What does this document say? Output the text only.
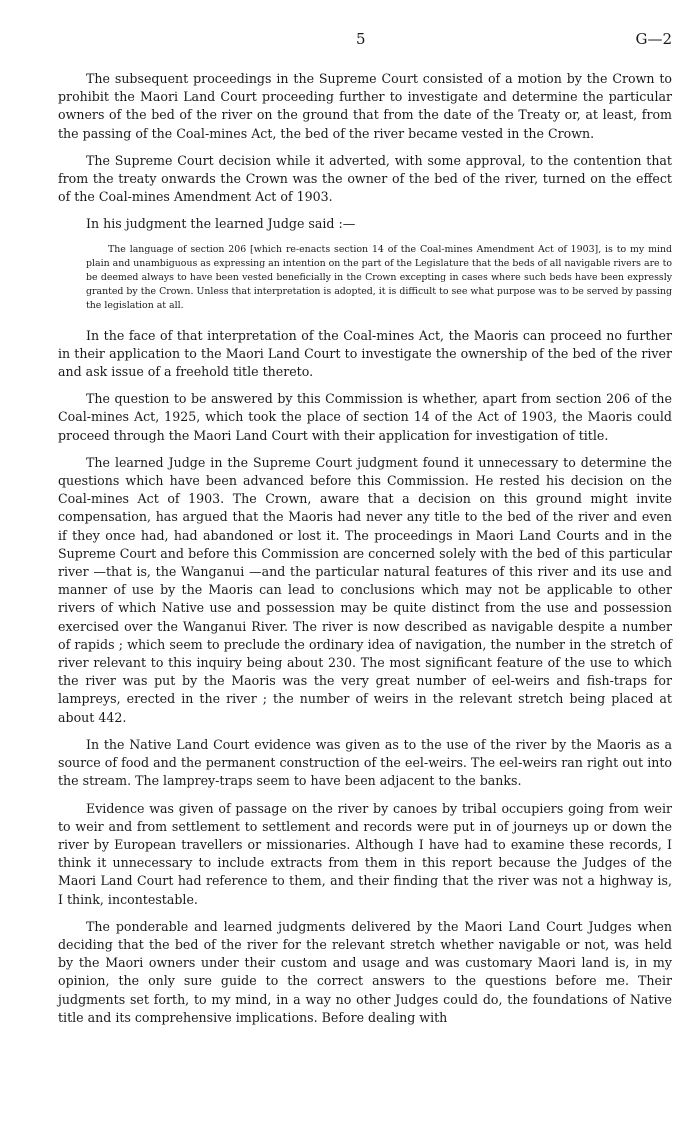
5	G—2

The subsequent proceedings in the Supreme Court consisted of a motion by the Crown to prohibit the Maori Land Court proceeding further to investigate and determine the particular owners of the bed of the river on the ground that from the date of the Treaty or, at least, from the passing of the Coal-mines Act, the bed of the river became vested in the Crown.

The Supreme Court decision while it adverted, with some approval, to the contention that from the treaty onwards the Crown was the owner of the bed of the river, turned on the effect of the Coal-mines Amendment Act of 1903.

In his judgment the learned Judge said :—

The language of section 206 [which re-enacts section 14 of the Coal-mines Amendment Act of 1903], is to my mind plain and unambiguous as expressing an intention on the part of the Legislature that the beds of all navigable rivers are to be deemed always to have been vested beneficially in the Crown excepting in cases where such beds have been expressly granted by the Crown. Unless that interpretation is adopted, it is difficult to see what purpose was to be served by passing the legislation at all.

In the face of that interpretation of the Coal-mines Act, the Maoris can proceed no further in their application to the Maori Land Court to investigate the ownership of the bed of the river and ask issue of a freehold title thereto.

The question to be answered by this Commission is whether, apart from section 206 of the Coal-mines Act, 1925, which took the place of section 14 of the Act of 1903, the Maoris could proceed through the Maori Land Court with their application for investigation of title.

The learned Judge in the Supreme Court judgment found it unnecessary to determine the questions which have been advanced before this Commission. He rested his decision on the Coal-mines Act of 1903. The Crown, aware that a decision on this ground might invite compensation, has argued that the Maoris had never any title to the bed of the river and even if they once had, had abandoned or lost it. The proceedings in Maori Land Courts and in the Supreme Court and before this Commission are concerned solely with the bed of this particular river —that is, the Wanganui —and the particular natural features of this river and its use and manner of use by the Maoris can lead to conclusions which may not be applicable to other rivers of which Native use and possession may be quite distinct from the use and possession exercised over the Wanganui River. The river is now described as navigable despite a number of rapids ; which seem to preclude the ordinary idea of navigation, the number in the stretch of river relevant to this inquiry being about 230. The most significant feature of the use to which the river was put by the Maoris was the very great number of eel-weirs and fish-traps for lampreys, erected in the river ; the number of weirs in the relevant stretch being placed at about 442.

In the Native Land Court evidence was given as to the use of the river by the Maoris as a source of food and the permanent construction of the eel-weirs. The eel-weirs ran right out into the stream. The lamprey-traps seem to have been adjacent to the banks.

Evidence was given of passage on the river by canoes by tribal occupiers going from weir to weir and from settlement to settlement and records were put in of journeys up or down the river by European travellers or missionaries. Although I have had to examine these records, I think it unnecessary to include extracts from them in this report because the Judges of the Maori Land Court had reference to them, and their finding that the river was not a highway is, I think, incontestable.

The ponderable and learned judgments delivered by the Maori Land Court Judges when deciding that the bed of the river for the relevant stretch whether navigable or not, was held by the Maori owners under their custom and usage and was customary Maori land is, in my opinion, the only sure guide to the correct answers to the questions before me. Their judgments set forth, to my mind, in a way no other Judges could do, the foundations of Native title and its comprehensive implications. Before dealing with
